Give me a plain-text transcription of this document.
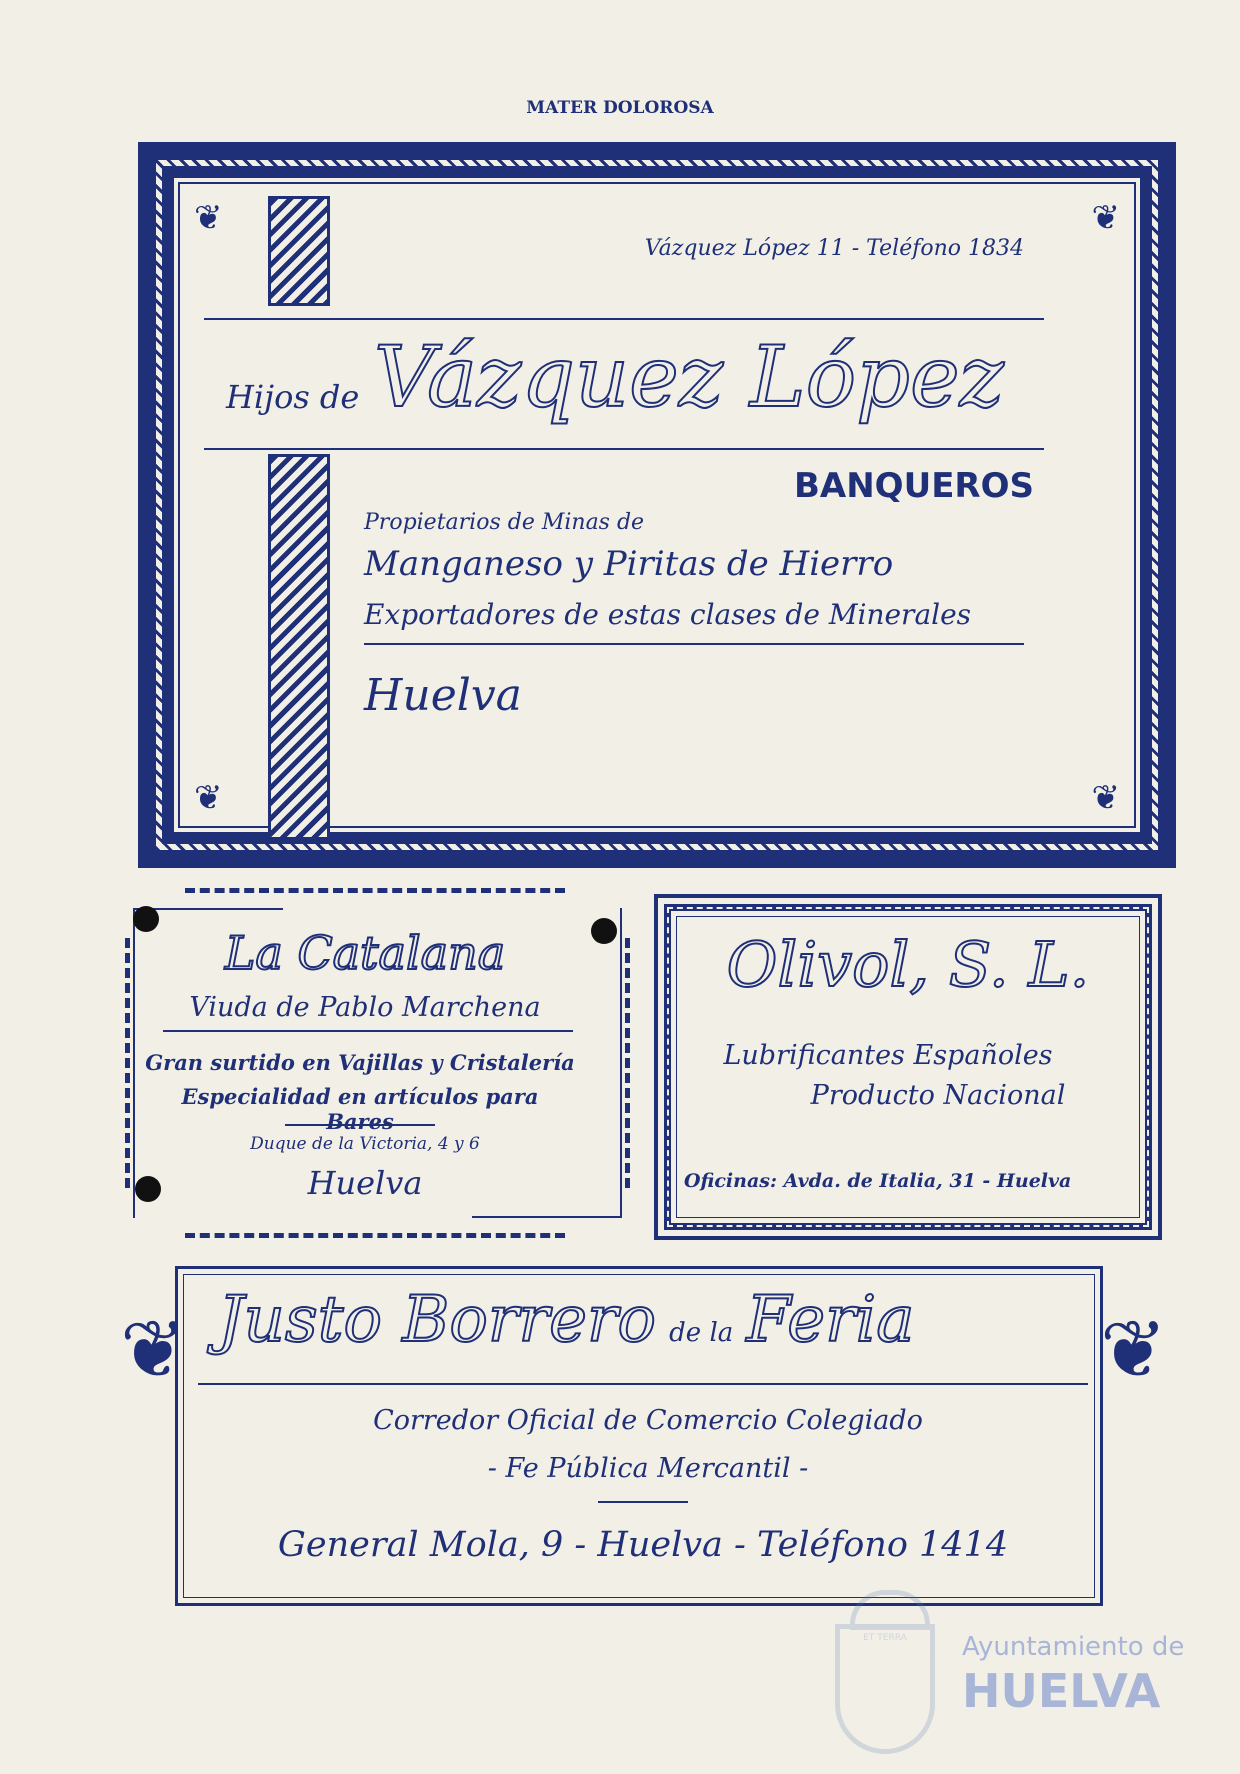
MATER DOLOROSA
❦	❦
❦	❦
Vázquez López 11 - Teléfono 1834
Hijos de Vázquez López
BANQUEROS
Propietarios de Minas de
Manganeso y Piritas de Hierro
Exportadores de estas clases de Minerales
Huelva
La Catalana
Viuda de Pablo Marchena
Gran surtido en Vajillas y Cristalería
Especialidad en artículos para Bares
Duque de la Victoria, 4 y 6
Huelva
Olivol, S. L.
Lubrificantes Españoles
Producto Nacional
Oficinas: Avda. de Italia, 31 - Huelva
Justo Borrero de la Feria
Corredor Oficial de Comercio Colegiado
- Fe Pública Mercantil -
General Mola, 9 - Huelva - Teléfono 1414
❦	❦
ET TERRA	Ayuntamiento de
HUELVA
